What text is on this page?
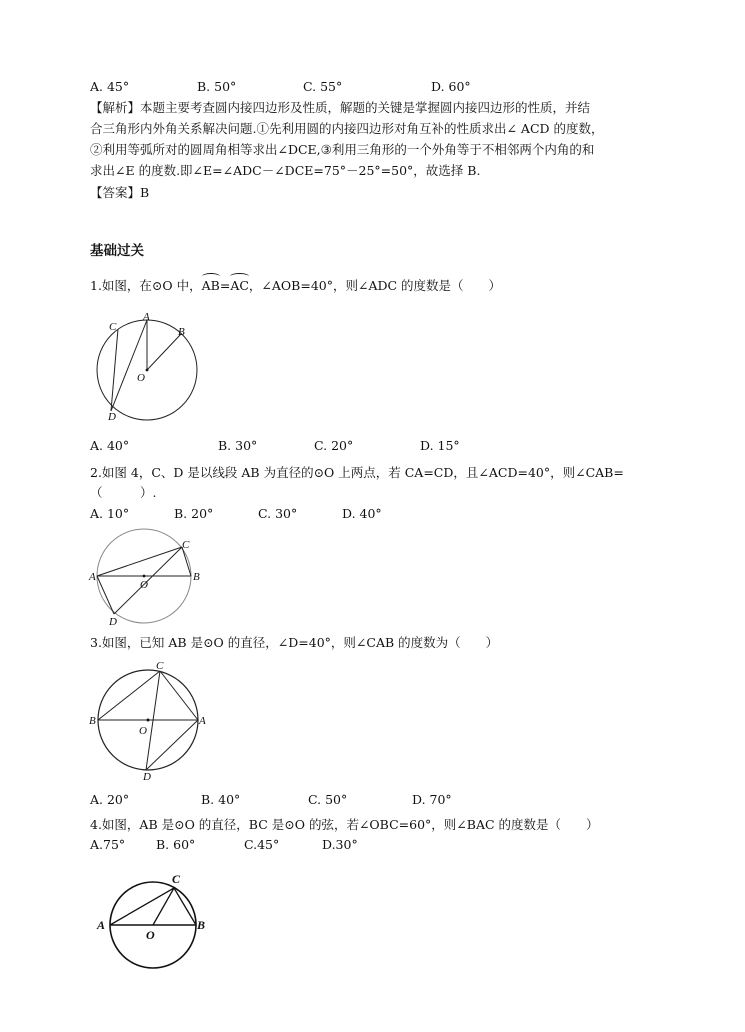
A. 45°	B. 50°	C. 55°	D. 60°
【解析】本题主要考查圆内接四边形及性质，解题的关键是掌握圆内接四边形的性质，并结
合三角形内外角关系解决问题.①先利用圆的内接四边形对角互补的性质求出∠ ACD 的度数，
②利用等弧所对的圆周角相等求出∠DCE,③利用三角形的一个外角等于不相邻两个内角的和
求出∠E 的度数.即∠E=∠ADC－∠DCE=75°－25°=50°，故选择 B.
【答案】B
基础过关
1.如图，在⊙O 中，AB=AC，∠AOB=40°，则∠ADC 的度数是（　　）
C
A
B
O
D
A. 40°	B. 30°	C. 20°	D. 15°
2.如图 4，C、D 是以线段 AB 为直径的⊙O 上两点，若 CA=CD，且∠ACD=40°，则∠CAB=
（　　　）.
A. 10°	B. 20°	C. 30°	D. 40°
A	B
C
D
O
3.如图，已知 AB 是⊙O 的直径，∠D=40°，则∠CAB 的度数为（　　）
B	A
C
D
O
A. 20°	B. 40°	C. 50°	D. 70°
4.如图，AB 是⊙O 的直径，BC 是⊙O 的弦，若∠OBC=60°，则∠BAC 的度数是（　　）
A.75° B. 60°	C.45°	D.30°
A	B
C
O
